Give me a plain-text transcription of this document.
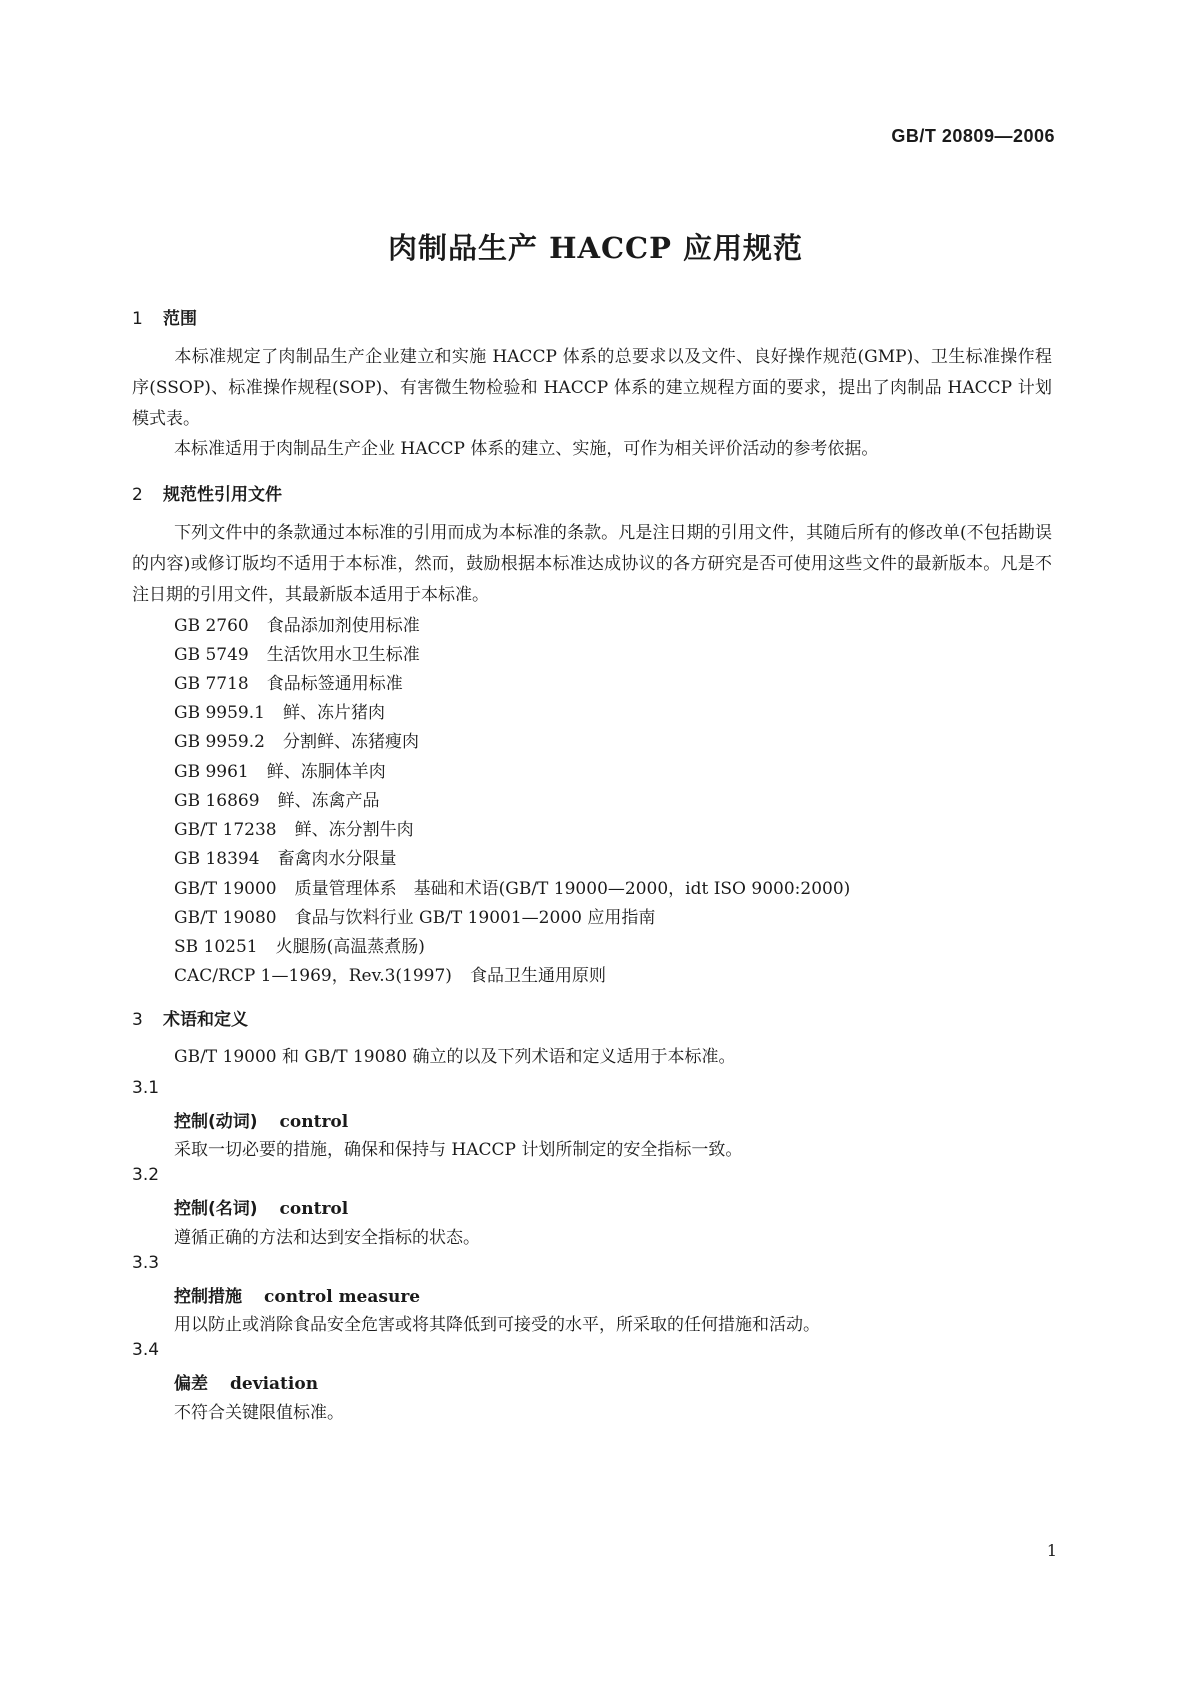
GB/T 20809—2006
肉制品生产 HACCP 应用规范
1 范围
本标准规定了肉制品生产企业建立和实施 HACCP 体系的总要求以及文件、良好操作规范(GMP)、卫生标准操作程序(SSOP)、标准操作规程(SOP)、有害微生物检验和 HACCP 体系的建立规程方面的要求，提出了肉制品 HACCP 计划模式表。
本标准适用于肉制品生产企业 HACCP 体系的建立、实施，可作为相关评价活动的参考依据。
2 规范性引用文件
下列文件中的条款通过本标准的引用而成为本标准的条款。凡是注日期的引用文件，其随后所有的修改单(不包括勘误的内容)或修订版均不适用于本标准，然而，鼓励根据本标准达成协议的各方研究是否可使用这些文件的最新版本。凡是不注日期的引用文件，其最新版本适用于本标准。
GB 2760 食品添加剂使用标准
GB 5749 生活饮用水卫生标准
GB 7718 食品标签通用标准
GB 9959.1 鲜、冻片猪肉
GB 9959.2 分割鲜、冻猪瘦肉
GB 9961 鲜、冻胴体羊肉
GB 16869 鲜、冻禽产品
GB/T 17238 鲜、冻分割牛肉
GB 18394 畜禽肉水分限量
GB/T 19000 质量管理体系　基础和术语(GB/T 19000—2000，idt ISO 9000:2000)
GB/T 19080 食品与饮料行业 GB/T 19001—2000 应用指南
SB 10251 火腿肠(高温蒸煮肠)
CAC/RCP 1—1969，Rev.3(1997) 食品卫生通用原则
3 术语和定义
GB/T 19000 和 GB/T 19080 确立的以及下列术语和定义适用于本标准。
3.1
控制(动词) control
采取一切必要的措施，确保和保持与 HACCP 计划所制定的安全指标一致。
3.2
控制(名词) control
遵循正确的方法和达到安全指标的状态。
3.3
控制措施 control measure
用以防止或消除食品安全危害或将其降低到可接受的水平，所采取的任何措施和活动。
3.4
偏差 deviation
不符合关键限值标准。
1
